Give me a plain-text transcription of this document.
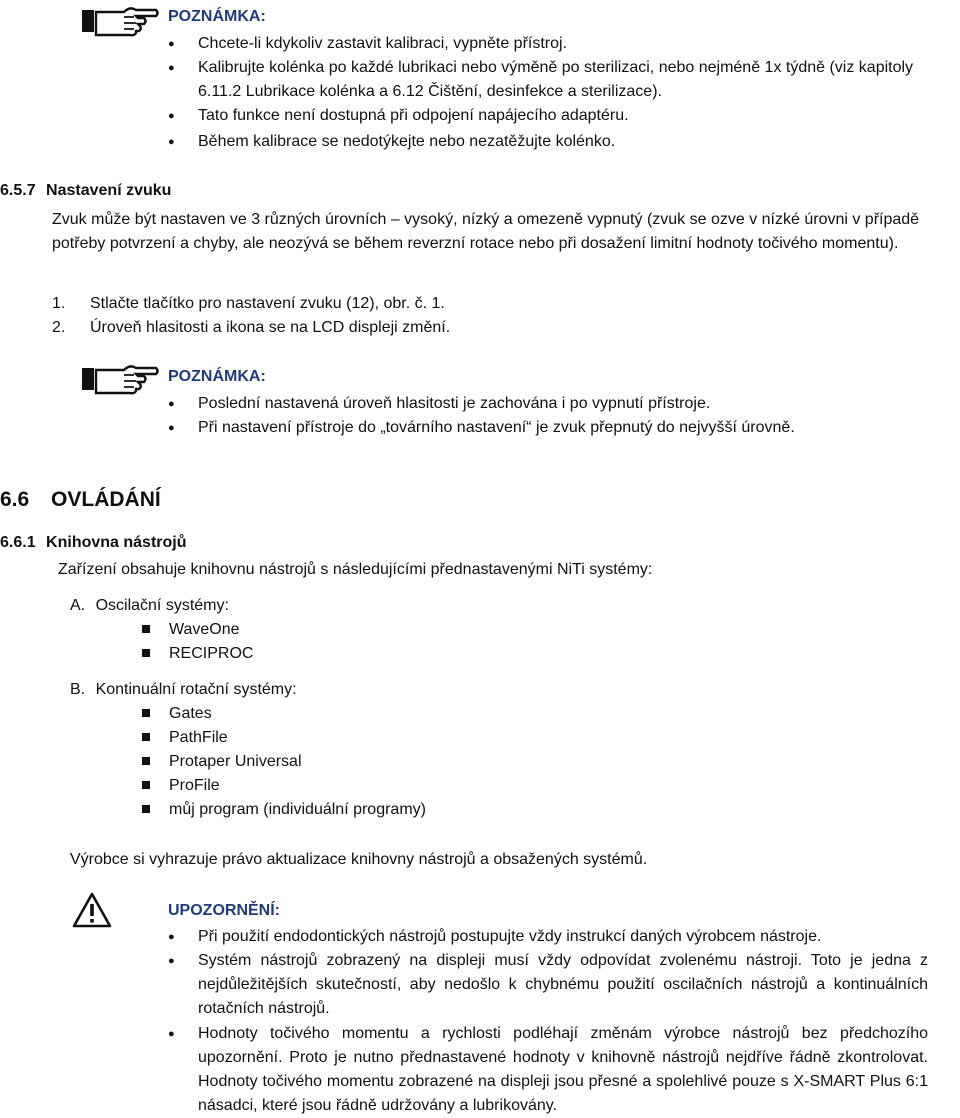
POZNÁMKA:
● Chcete-li kdykoliv zastavit kalibraci, vypněte přístroj.
● Kalibrujte kolénka po každé lubrikaci nebo výměně po sterilizaci, nebo nejméně 1x týdně (viz kapitoly 6.11.2 Lubrikace kolénka a 6.12 Čištění, desinfekce a sterilizace).
● Tato funkce není dostupná při odpojení napájecího adaptéru.
● Během kalibrace se nedotýkejte nebo nezatěžujte kolénko.
6.5.7 Nastavení zvuku
Zvuk může být nastaven ve 3 různých úrovních – vysoký, nízký a omezeně vypnutý (zvuk se ozve v nízké úrovni v případě potřeby potvrzení a chyby, ale neozývá se během reverzní rotace nebo při dosažení limitní hodnoty točivého momentu).
1. Stlačte tlačítko pro nastavení zvuku (12), obr. č. 1.
2. Úroveň hlasitosti a ikona se na LCD displeji změní.
POZNÁMKA:
● Poslední nastavená úroveň hlasitosti je zachována i po vypnutí přístroje.
● Při nastavení přístroje do „továrního nastavení“ je zvuk přepnutý do nejvyšší úrovně.
6.6 OVLÁDÁNÍ
6.6.1 Knihovna nástrojů
Zařízení obsahuje knihovnu nástrojů s následujícími přednastavenými NiTi systémy:
A. Oscilační systémy:
WaveOne
RECIPROC
B. Kontinuální rotační systémy:
Gates
PathFile
Protaper Universal
ProFile
můj program (individuální programy)
Výrobce si vyhrazuje právo aktualizace knihovny nástrojů a obsažených systémů.
UPOZORNĚNÍ:
● Při použití endodontických nástrojů postupujte vždy instrukcí daných výrobcem nástroje.
● Systém nástrojů zobrazený na displeji musí vždy odpovídat zvolenému nástroji. Toto je jedna z nejdůležitějších skutečností, aby nedošlo k chybnému použití oscilačních nástrojů a kontinuálních rotačních nástrojů.
● Hodnoty točivého momentu a rychlosti podléhají změnám výrobce nástrojů bez předchozího upozornění. Proto je nutno přednastavené hodnoty v knihovně nástrojů nejdříve řádně zkontrolovat. Hodnoty točivého momentu zobrazené na displeji jsou přesné a spolehlivé pouze s X-SMART Plus 6:1 násadci, které jsou řádně udržovány a lubrikovány.
